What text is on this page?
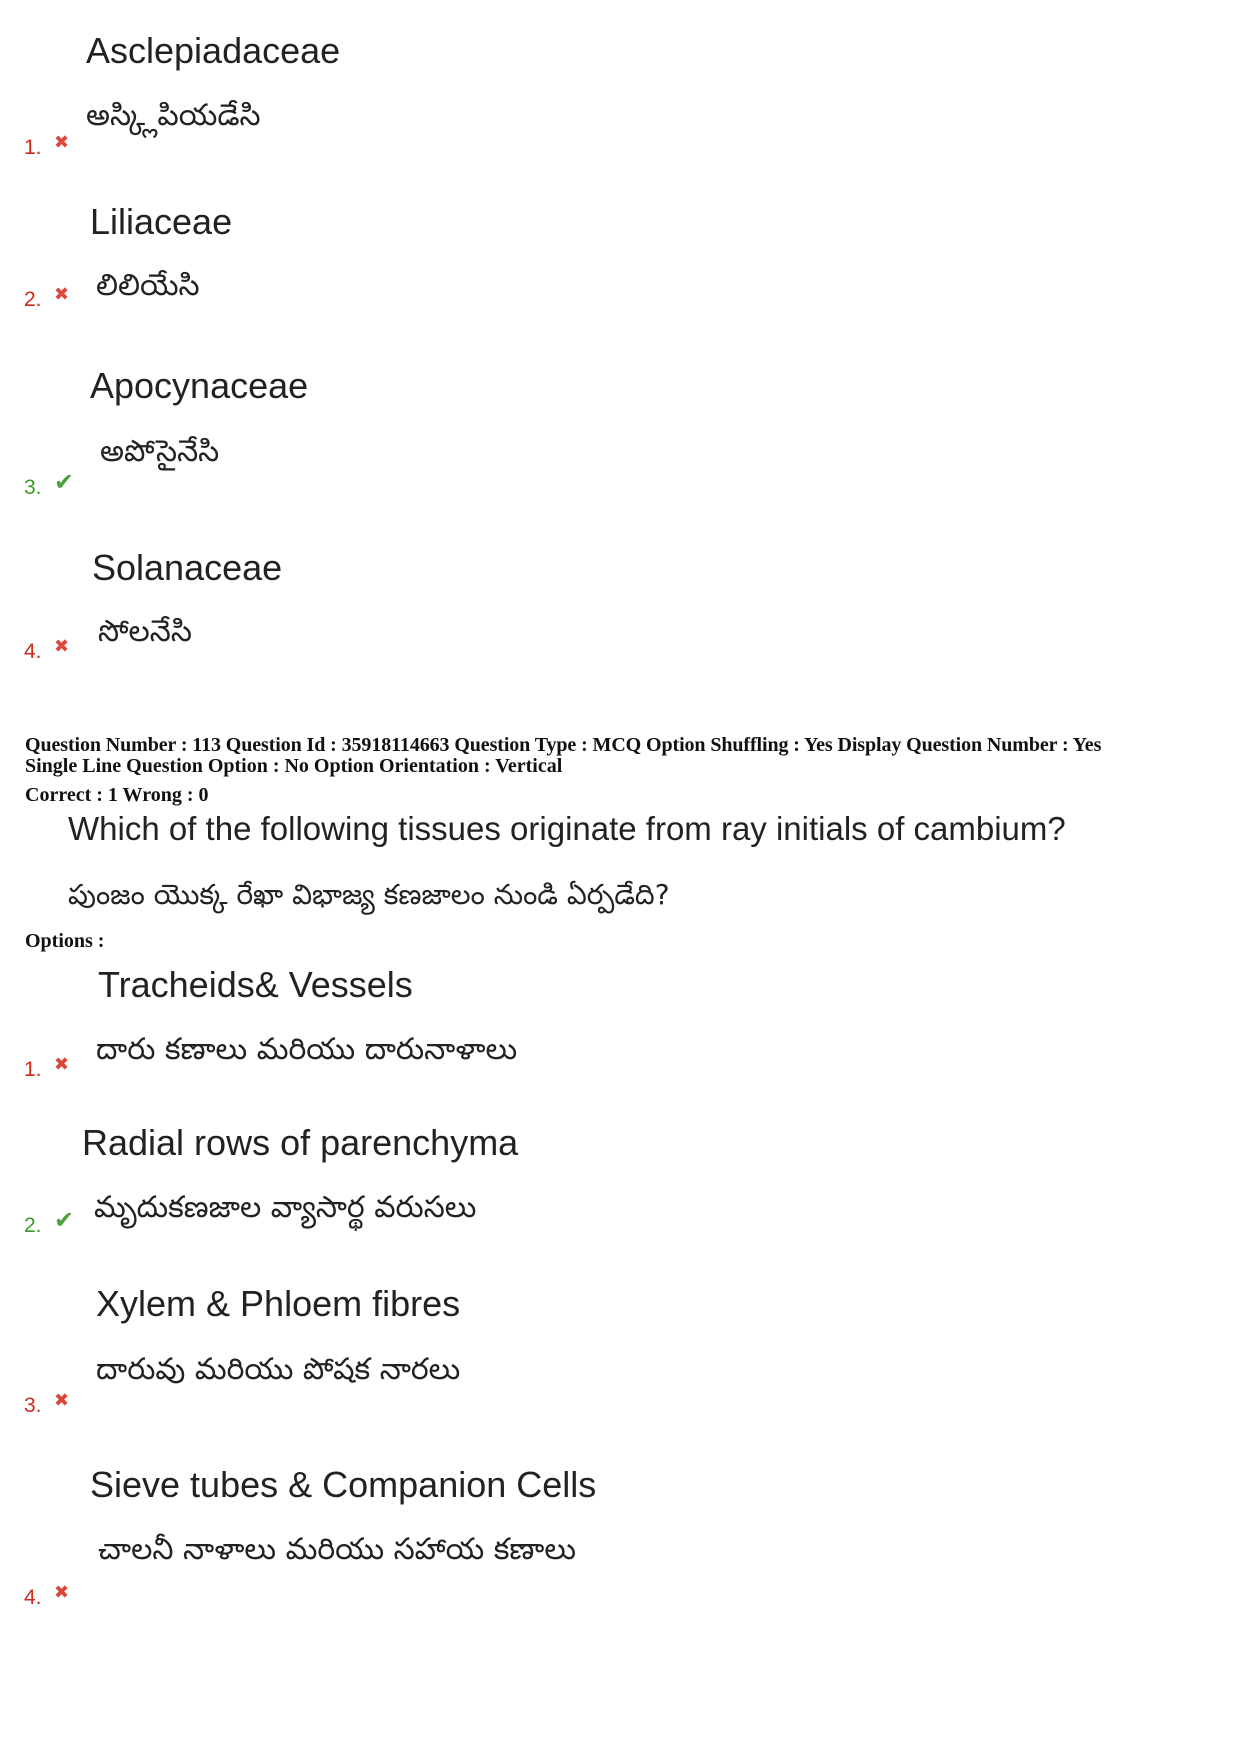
Asclepiadaceae
అస్క్లిపియడేసి
1. ✖
Liliaceae
లిలియేసి
2. ✖
Apocynaceae
అపోసైనేసి
3. ✔
Solanaceae
సోలనేసి
4. ✖
Question Number : 113 Question Id : 35918114663 Question Type : MCQ Option Shuffling : Yes Display Question Number : Yes
Single Line Question Option : No Option Orientation : Vertical
Correct : 1 Wrong : 0
Which of the following tissues originate from ray initials of cambium?
పుంజం యొక్క రేఖా విభాజ్య కణజాలం నుండి ఏర్పడేది?
Options :
Tracheids& Vessels
దారు కణాలు మరియు దారునాళాలు
1. ✖
Radial rows of parenchyma
మృదుకణజాల వ్యాసార్థ వరుసలు
2. ✔
Xylem & Phloem fibres
దారువు మరియు పోషక నారలు
3. ✖
Sieve tubes & Companion Cells
చాలనీ నాళాలు మరియు సహాయ కణాలు
4. ✖
